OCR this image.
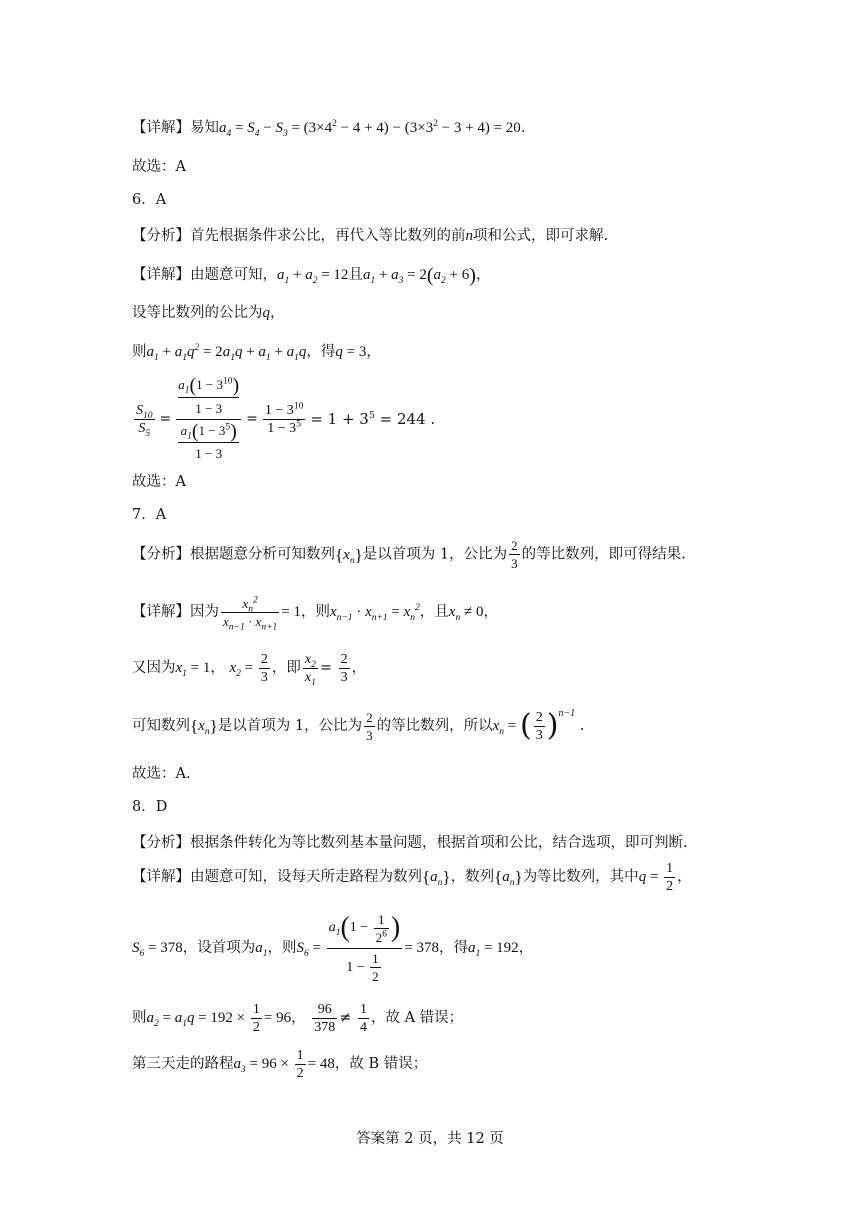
【详解】易知$a_4 = S_4 - S_3 = (3\times 4^2 - 4 + 4) - (3\times 3^2 - 3 + 4) = 20$.
故选：A
6．A
【分析】首先根据条件求公比，再代入等比数列的前n项和公式，即可求解.
【详解】由题意可知，$a_1 + a_2 = 12$且$a_1 + a_3 = 2(a_2 + 6)$，
设等比数列的公比为q，
则$a_1 + a_1q^2 = 2a_1q + a_1 + a_1q$，得q = 3，
$\frac{S_{10}}{S_5} = a_1(1 - 3^{10})$
1 − 3
$a_1(1 - 3^5)$
$1 - 3 = \frac{1 - 3^{10}}{1 - 3^5} = 1 + 3^5 = 244$ .
故选：A
7．A
【分析】根据题意分析可知数列$\{x_n\}$是以首项为 1，公比为 $\frac{2}{3}$ 的等比数列，即可得结果.
【详解】因为 $\frac{x_n^2}{x_{n-1} \cdot x_{n+1}} = 1$，则$x_{n-1} \cdot x_{n+1} = x_n^2$，且$x_n \ne 0$，
又因为$x_1 = 1$， $x_2 = \frac{2}{3}$ ，即 $\frac{x_2}{x_1} = \frac{2}{3}$ ，
可知数列$\{x_n\}$是以首项为 1，公比为 $\frac{2}{3}$ 的等比数列，所以$x_n$ = ( $\frac{2}{3} )^{n-1}$ .
故选：A.
8．D
【分析】根据条件转化为等比数列基本量问题，根据首项和公比，结合选项，即可判断.
【详解】由题意可知，设每天所走路程为数列$\{a_n\}$，数列$\{a_n\}$为等比数列，其中$q = \frac{1}{2}$ ，
$S_6 = 378$，设首项为$a_1$，则$S_6 = \frac{a_1(1 - \frac{1}{2^6} )}{1 - \frac{1}{2}} = 378$，得$a_1 = 192$，
则$a_2 = a_1q = 192 \times \frac{1}{2} = 96$， $\frac{96}{378} \ne \frac{1}{4}$ ，故 A 错误；
第三天走的路程$a_3 = 96 \times \frac{1}{2} = 48$，故 B 错误；
答案第 2 页，共 12 页
